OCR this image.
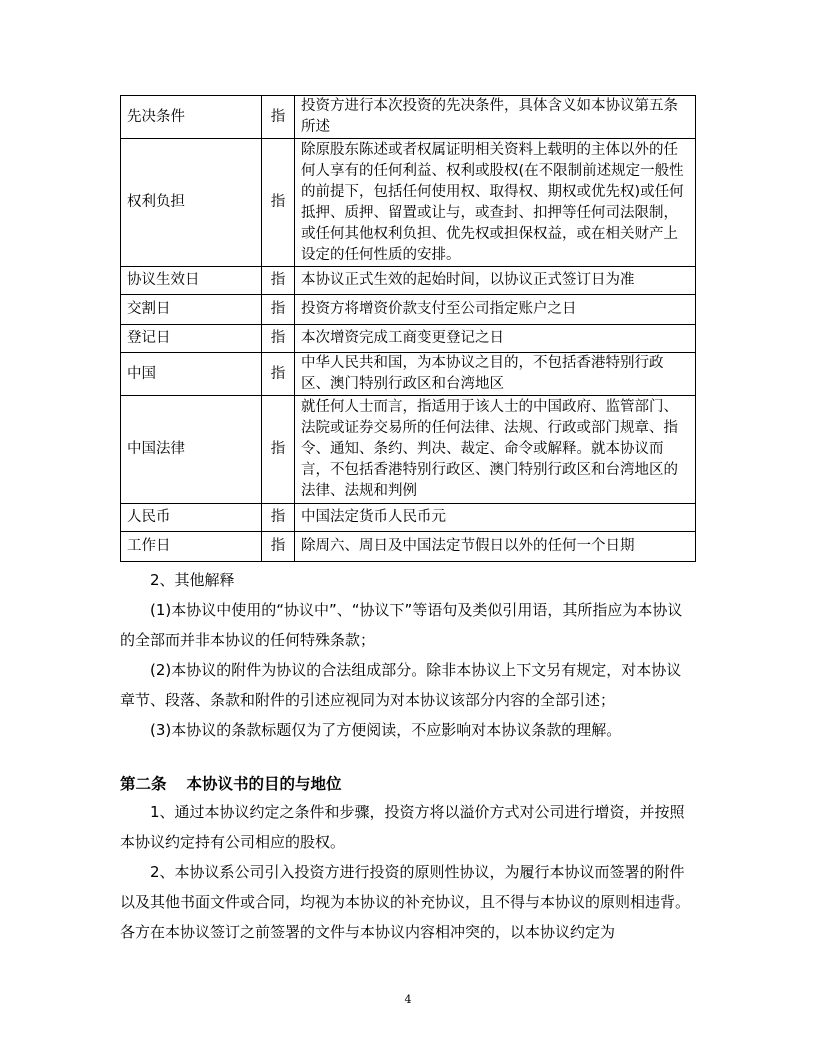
先决条件	指	投资方进行本次投资的先决条件，具体含义如本协议第五条所述
权利负担	指	除原股东陈述或者权属证明相关资料上载明的主体以外的任何人享有的任何利益、权利或股权(在不限制前述规定一般性的前提下，包括任何使用权、取得权、期权或优先权)或任何抵押、质押、留置或让与，或查封、扣押等任何司法限制，或任何其他权利负担、优先权或担保权益，或在相关财产上设定的任何性质的安排。
协议生效日	指	本协议正式生效的起始时间，以协议正式签订日为准
交割日	指	投资方将增资价款支付至公司指定账户之日
登记日	指	本次增资完成工商变更登记之日
中国	指	中华人民共和国，为本协议之目的，不包括香港特别行政区、澳门特别行政区和台湾地区
中国法律	指	就任何人士而言，指适用于该人士的中国政府、监管部门、法院或证券交易所的任何法律、法规、行政或部门规章、指令、通知、条约、判决、裁定、命令或解释。就本协议而言，不包括香港特别行政区、澳门特别行政区和台湾地区的法律、法规和判例
人民币	指	中国法定货币人民币元
工作日	指	除周六、周日及中国法定节假日以外的任何一个日期

2、其他解释

(1)本协议中使用的“协议中”、“协议下”等语句及类似引用语，其所指应为本协议的全部而并非本协议的任何特殊条款；

(2)本协议的附件为协议的合法组成部分。除非本协议上下文另有规定，对本协议章节、段落、条款和附件的引述应视同为对本协议该部分内容的全部引述；

(3)本协议的条款标题仅为了方便阅读，不应影响对本协议条款的理解。

第二条 本协议书的目的与地位

1、通过本协议约定之条件和步骤，投资方将以溢价方式对公司进行增资，并按照本协议约定持有公司相应的股权。

2、本协议系公司引入投资方进行投资的原则性协议，为履行本协议而签署的附件以及其他书面文件或合同，均视为本协议的补充协议，且不得与本协议的原则相违背。各方在本协议签订之前签署的文件与本协议内容相冲突的，以本协议约定为

4
